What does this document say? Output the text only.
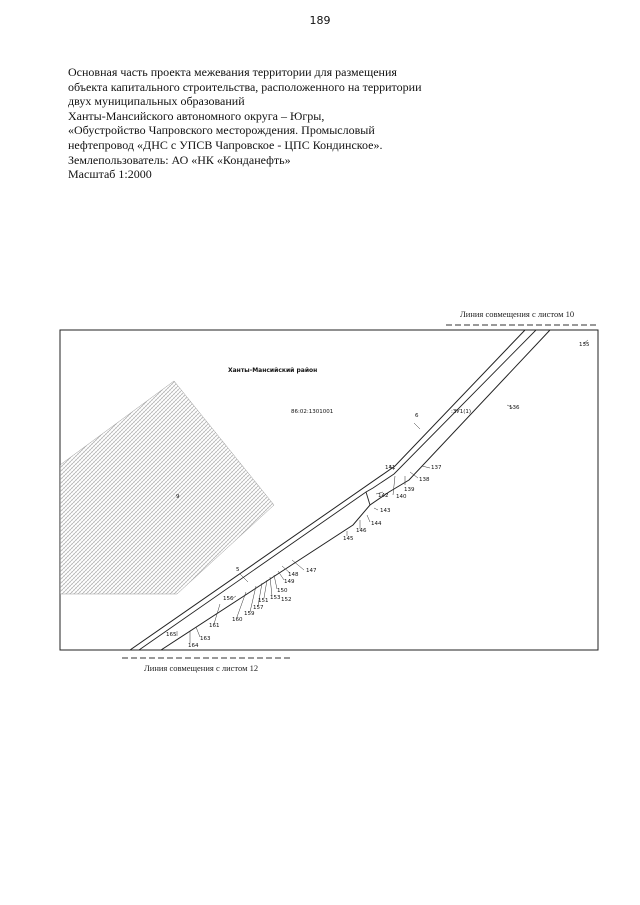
189
Основная часть проекта межевания территории для размещения
объекта капитального строительства, расположенного на территории
двух муниципальных образований
Ханты-Мансийского автономного округа – Югры,
«Обустройство Чапровского месторождения. Промысловый
нефтепровод «ДНС с УПСВ Чапровское - ЦПС Кондинское».
Землепользователь: АО «НК «Конданефть»
Масштаб 1:2000
Линия совмещения с листом 10
Ханты-Мансийский район
86:02:1301001	:ЗУ1(1)
9
135
136
6
137
141
138
139
140
142
143
144
146
145
147
5
148
149
150
153 152
151
156
157
159
160
161
163
165
164
Линия совмещения с листом 12
